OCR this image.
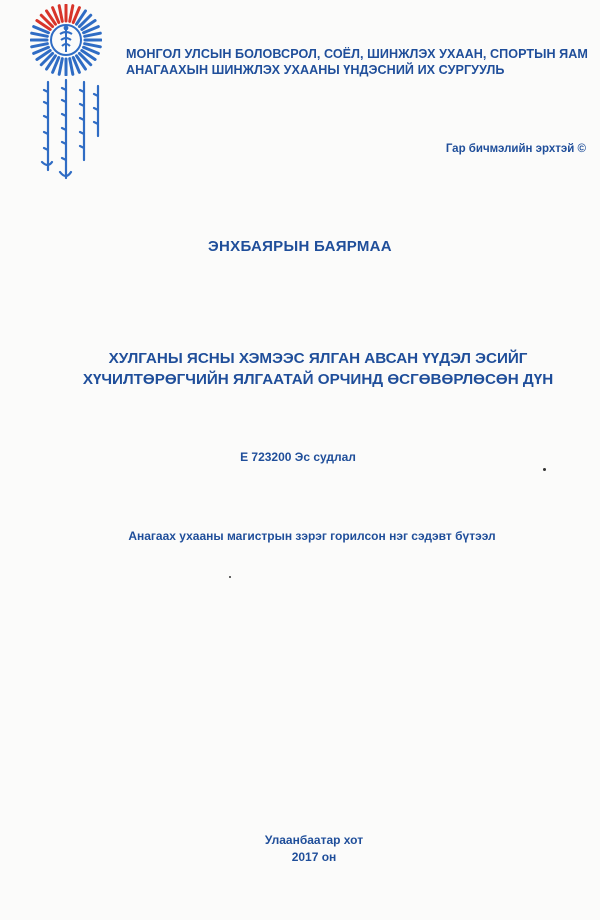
МОНГОЛ УЛСЫН БОЛОВСРОЛ, СОЁЛ, ШИНЖЛЭХ УХААН, СПОРТЫН ЯАМ
АНАГААХЫН ШИНЖЛЭХ УХААНЫ ҮНДЭСНИЙ ИХ СУРГУУЛЬ
Гар бичмэлийн эрхтэй ©
ЭНХБАЯРЫН БАЯРМАА
ХУЛГАНЫ ЯСНЫ ХЭМЭЭС ЯЛГАН АВСАН ҮҮДЭЛ ЭСИЙГ
ХҮЧИЛТӨРӨГЧИЙН ЯЛГААТАЙ ОРЧИНД ӨСГӨВӨРЛӨСӨН ДҮН
Е 723200 Эс судлал
Анагаах ухааны магистрын зэрэг горилсон нэг сэдэвт бүтээл
Улаанбаатар хот
2017 он
